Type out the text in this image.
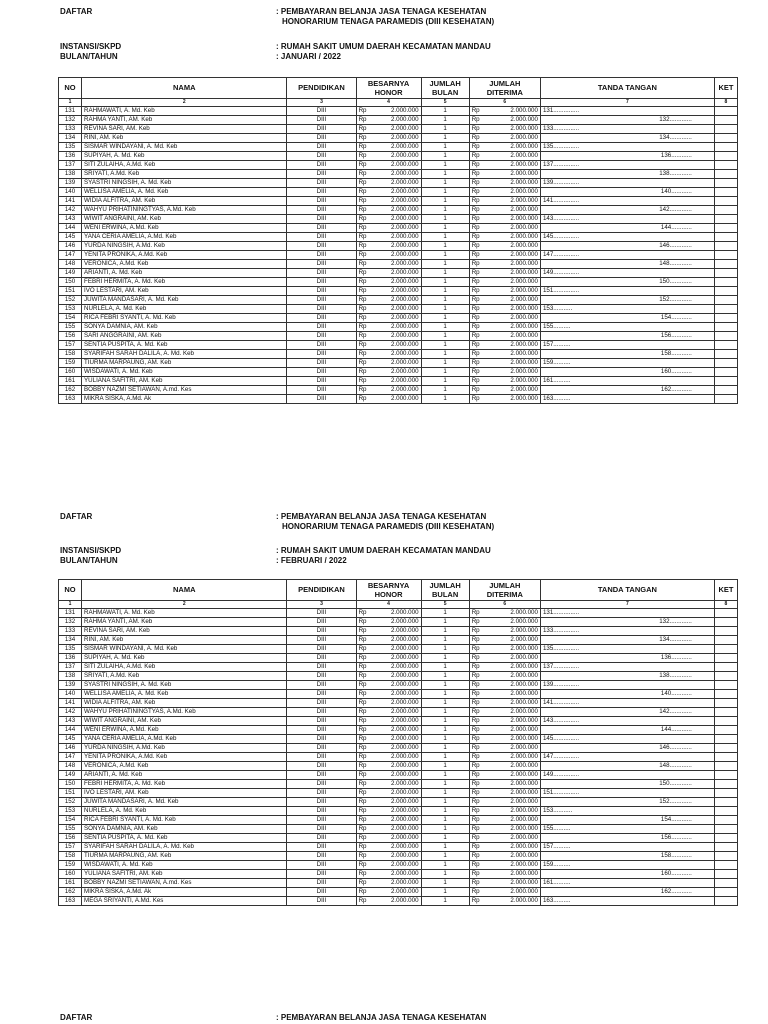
DAFTAR	: PEMBAYARAN BELANJA JASA TENAGA KESEHATAN
HONORARIUM TENAGA PARAMEDIS (DIII KESEHATAN)
INSTANSI/SKPD
BULAN/TAHUN
: RUMAH SAKIT UMUM DAERAH KECAMATAN MANDAU
: JANUARI / 2022
NO	NAMA	PENDIDIKAN	BESARNYA HONOR		JUMLAH BULAN	JUMLAH DITERIMA		TANDA TANGAN	KET
1	2	3	4		5	6		7	8
131	RAHMAWATI, A. Md. Keb	DIII	Rp	2.000.000	1	Rp	2.000.000	131...............	
132	RAHMA YANTI, AM. Keb	DIII	Rp	2.000.000	1	Rp	2.000.000	132.............	
133	REVINA SARI, AM. Keb	DIII	Rp	2.000.000	1	Rp	2.000.000	133...............	
134	RINI, AM. Keb	DIII	Rp	2.000.000	1	Rp	2.000.000	134.............	
135	SISMAR WINDAYANI, A. Md. Keb	DIII	Rp	2.000.000	1	Rp	2.000.000	135...............	
136	SUPIYAH, A. Md. Keb	DIII	Rp	2.000.000	1	Rp	2.000.000	136............	
137	SITI ZULAIHA, A.Md. Keb	DIII	Rp	2.000.000	1	Rp	2.000.000	137...............	
138	SRIYATI, A.Md. Keb	DIII	Rp	2.000.000	1	Rp	2.000.000	138.............	
139	SYASTRI NINGSIH, A. Md. Keb	DIII	Rp	2.000.000	1	Rp	2.000.000	139...............	
140	WELLISA AMELIA, A. Md. Keb	DIII	Rp	2.000.000	1	Rp	2.000.000	140............	
141	WIDIA ALFITRA, AM. Keb	DIII	Rp	2.000.000	1	Rp	2.000.000	141...............	
142	WAHYU PRIHATININGTYAS, A.Md. Keb	DIII	Rp	2.000.000	1	Rp	2.000.000	142.............	
143	WIWIT ANGRAINI, AM. Keb	DIII	Rp	2.000.000	1	Rp	2.000.000	143...............	
144	WENI ERWINA, A.Md. Keb	DIII	Rp	2.000.000	1	Rp	2.000.000	144............	
145	YANA CERIA AMELIA, A.Md. Keb	DIII	Rp	2.000.000	1	Rp	2.000.000	145...............	
146	YURDA NINGSIH, A.Md. Keb	DIII	Rp	2.000.000	1	Rp	2.000.000	146.............	
147	YENITA PRONIKA, A.Md. Keb	DIII	Rp	2.000.000	1	Rp	2.000.000	147...............	
148	VERONICA, A.Md. Keb	DIII	Rp	2.000.000	1	Rp	2.000.000	148.............	
149	ARIANTI, A. Md. Keb	DIII	Rp	2.000.000	1	Rp	2.000.000	149...............	
150	FEBRI HERMITA, A. Md. Keb	DIII	Rp	2.000.000	1	Rp	2.000.000	150.............	
151	IVO LESTARI, AM. Keb	DIII	Rp	2.000.000	1	Rp	2.000.000	151...............	
152	JUWITA MANDASARI, A. Md. Keb	DIII	Rp	2.000.000	1	Rp	2.000.000	152.............	
153	NURLELA, A. Md. Keb	DIII	Rp	2.000.000	1	Rp	2.000.000	153...........	
154	RICA FEBRI SYANTI, A. Md. Keb	DIII	Rp	2.000.000	1	Rp	2.000.000	154............	
155	SONYA DAMNIA, AM. Keb	DIII	Rp	2.000.000	1	Rp	2.000.000	155..........	
156	SARI ANGGRAINI, AM. Keb	DIII	Rp	2.000.000	1	Rp	2.000.000	156............	
157	SENTIA PUSPITA, A. Md. Keb	DIII	Rp	2.000.000	1	Rp	2.000.000	157..........	
158	SYARIFAH SARAH DALILA, A. Md. Keb	DIII	Rp	2.000.000	1	Rp	2.000.000	158............	
159	TIURMA MARPAUNG, AM. Keb	DIII	Rp	2.000.000	1	Rp	2.000.000	159..........	
160	WISDAWATI, A. Md. Keb	DIII	Rp	2.000.000	1	Rp	2.000.000	160............	
161	YULIANA SAFITRI, AM. Keb	DIII	Rp	2.000.000	1	Rp	2.000.000	161..........	
162	BOBBY NAZMI SETIAWAN, A.md. Kes	DIII	Rp	2.000.000	1	Rp	2.000.000	162............	
163	MIKRA SISKA, A.Md. Ak	DIII	Rp	2.000.000	1	Rp	2.000.000	163..........	
DAFTAR	: PEMBAYARAN BELANJA JASA TENAGA KESEHATAN
HONORARIUM TENAGA PARAMEDIS (DIII KESEHATAN)
INSTANSI/SKPD
BULAN/TAHUN
: RUMAH SAKIT UMUM DAERAH KECAMATAN MANDAU
: FEBRUARI / 2022
NO	NAMA	PENDIDIKAN	BESARNYA HONOR		JUMLAH BULAN	JUMLAH DITERIMA		TANDA TANGAN	KET
1	2	3	4		5	6		7	8
131	RAHMAWATI, A. Md. Keb	DIII	Rp	2.000.000	1	Rp	2.000.000	131...............	
132	RAHMA YANTI, AM. Keb	DIII	Rp	2.000.000	1	Rp	2.000.000	132.............	
133	REVINA SARI, AM. Keb	DIII	Rp	2.000.000	1	Rp	2.000.000	133...............	
134	RINI, AM. Keb	DIII	Rp	2.000.000	1	Rp	2.000.000	134.............	
135	SISMAR WINDAYANI, A. Md. Keb	DIII	Rp	2.000.000	1	Rp	2.000.000	135...............	
136	SUPIYAH, A. Md. Keb	DIII	Rp	2.000.000	1	Rp	2.000.000	136............	
137	SITI ZULAIHA, A.Md. Keb	DIII	Rp	2.000.000	1	Rp	2.000.000	137...............	
138	SRIYATI, A.Md. Keb	DIII	Rp	2.000.000	1	Rp	2.000.000	138.............	
139	SYASTRI NINGSIH, A. Md. Keb	DIII	Rp	2.000.000	1	Rp	2.000.000	139...............	
140	WELLISA AMELIA, A. Md. Keb	DIII	Rp	2.000.000	1	Rp	2.000.000	140............	
141	WIDIA ALFITRA, AM. Keb	DIII	Rp	2.000.000	1	Rp	2.000.000	141...............	
142	WAHYU PRIHATININGTYAS, A.Md. Keb	DIII	Rp	2.000.000	1	Rp	2.000.000	142.............	
143	WIWIT ANGRAINI, AM. Keb	DIII	Rp	2.000.000	1	Rp	2.000.000	143...............	
144	WENI ERWINA, A.Md. Keb	DIII	Rp	2.000.000	1	Rp	2.000.000	144............	
145	YANA CERIA AMELIA, A.Md. Keb	DIII	Rp	2.000.000	1	Rp	2.000.000	145...............	
146	YURDA NINGSIH, A.Md. Keb	DIII	Rp	2.000.000	1	Rp	2.000.000	146.............	
147	YENITA PRONIKA, A.Md. Keb	DIII	Rp	2.000.000	1	Rp	2.000.000	147...............	
148	VERONICA, A.Md. Keb	DIII	Rp	2.000.000	1	Rp	2.000.000	148.............	
149	ARIANTI, A. Md. Keb	DIII	Rp	2.000.000	1	Rp	2.000.000	149...............	
150	FEBRI HERMITA, A. Md. Keb	DIII	Rp	2.000.000	1	Rp	2.000.000	150.............	
151	IVO LESTARI, AM. Keb	DIII	Rp	2.000.000	1	Rp	2.000.000	151...............	
152	JUWITA MANDASARI, A. Md. Keb	DIII	Rp	2.000.000	1	Rp	2.000.000	152.............	
153	NURLELA, A. Md. Keb	DIII	Rp	2.000.000	1	Rp	2.000.000	153...........	
154	RICA FEBRI SYANTI, A. Md. Keb	DIII	Rp	2.000.000	1	Rp	2.000.000	154............	
155	SONYA DAMNIA, AM. Keb	DIII	Rp	2.000.000	1	Rp	2.000.000	155..........	
156	SENTIA PUSPITA, A. Md. Keb	DIII	Rp	2.000.000	1	Rp	2.000.000	156............	
157	SYARIFAH SARAH DALILA, A. Md. Keb	DIII	Rp	2.000.000	1	Rp	2.000.000	157..........	
158	TIURMA MARPAUNG, AM. Keb	DIII	Rp	2.000.000	1	Rp	2.000.000	158............	
159	WISDAWATI, A. Md. Keb	DIII	Rp	2.000.000	1	Rp	2.000.000	159..........	
160	YULIANA SAFITRI, AM. Keb	DIII	Rp	2.000.000	1	Rp	2.000.000	160............	
161	BOBBY NAZMI SETIAWAN, A.md. Kes	DIII	Rp	2.000.000	1	Rp	2.000.000	161..........	
162	MIKRA SISKA, A.Md. Ak	DIII	Rp	2.000.000	1	Rp	2.000.000	162............	
163	MEGA SRIYANTI, A.Md. Kes	DIII	Rp	2.000.000	1	Rp	2.000.000	163..........	
DAFTAR	: PEMBAYARAN BELANJA JASA TENAGA KESEHATAN
